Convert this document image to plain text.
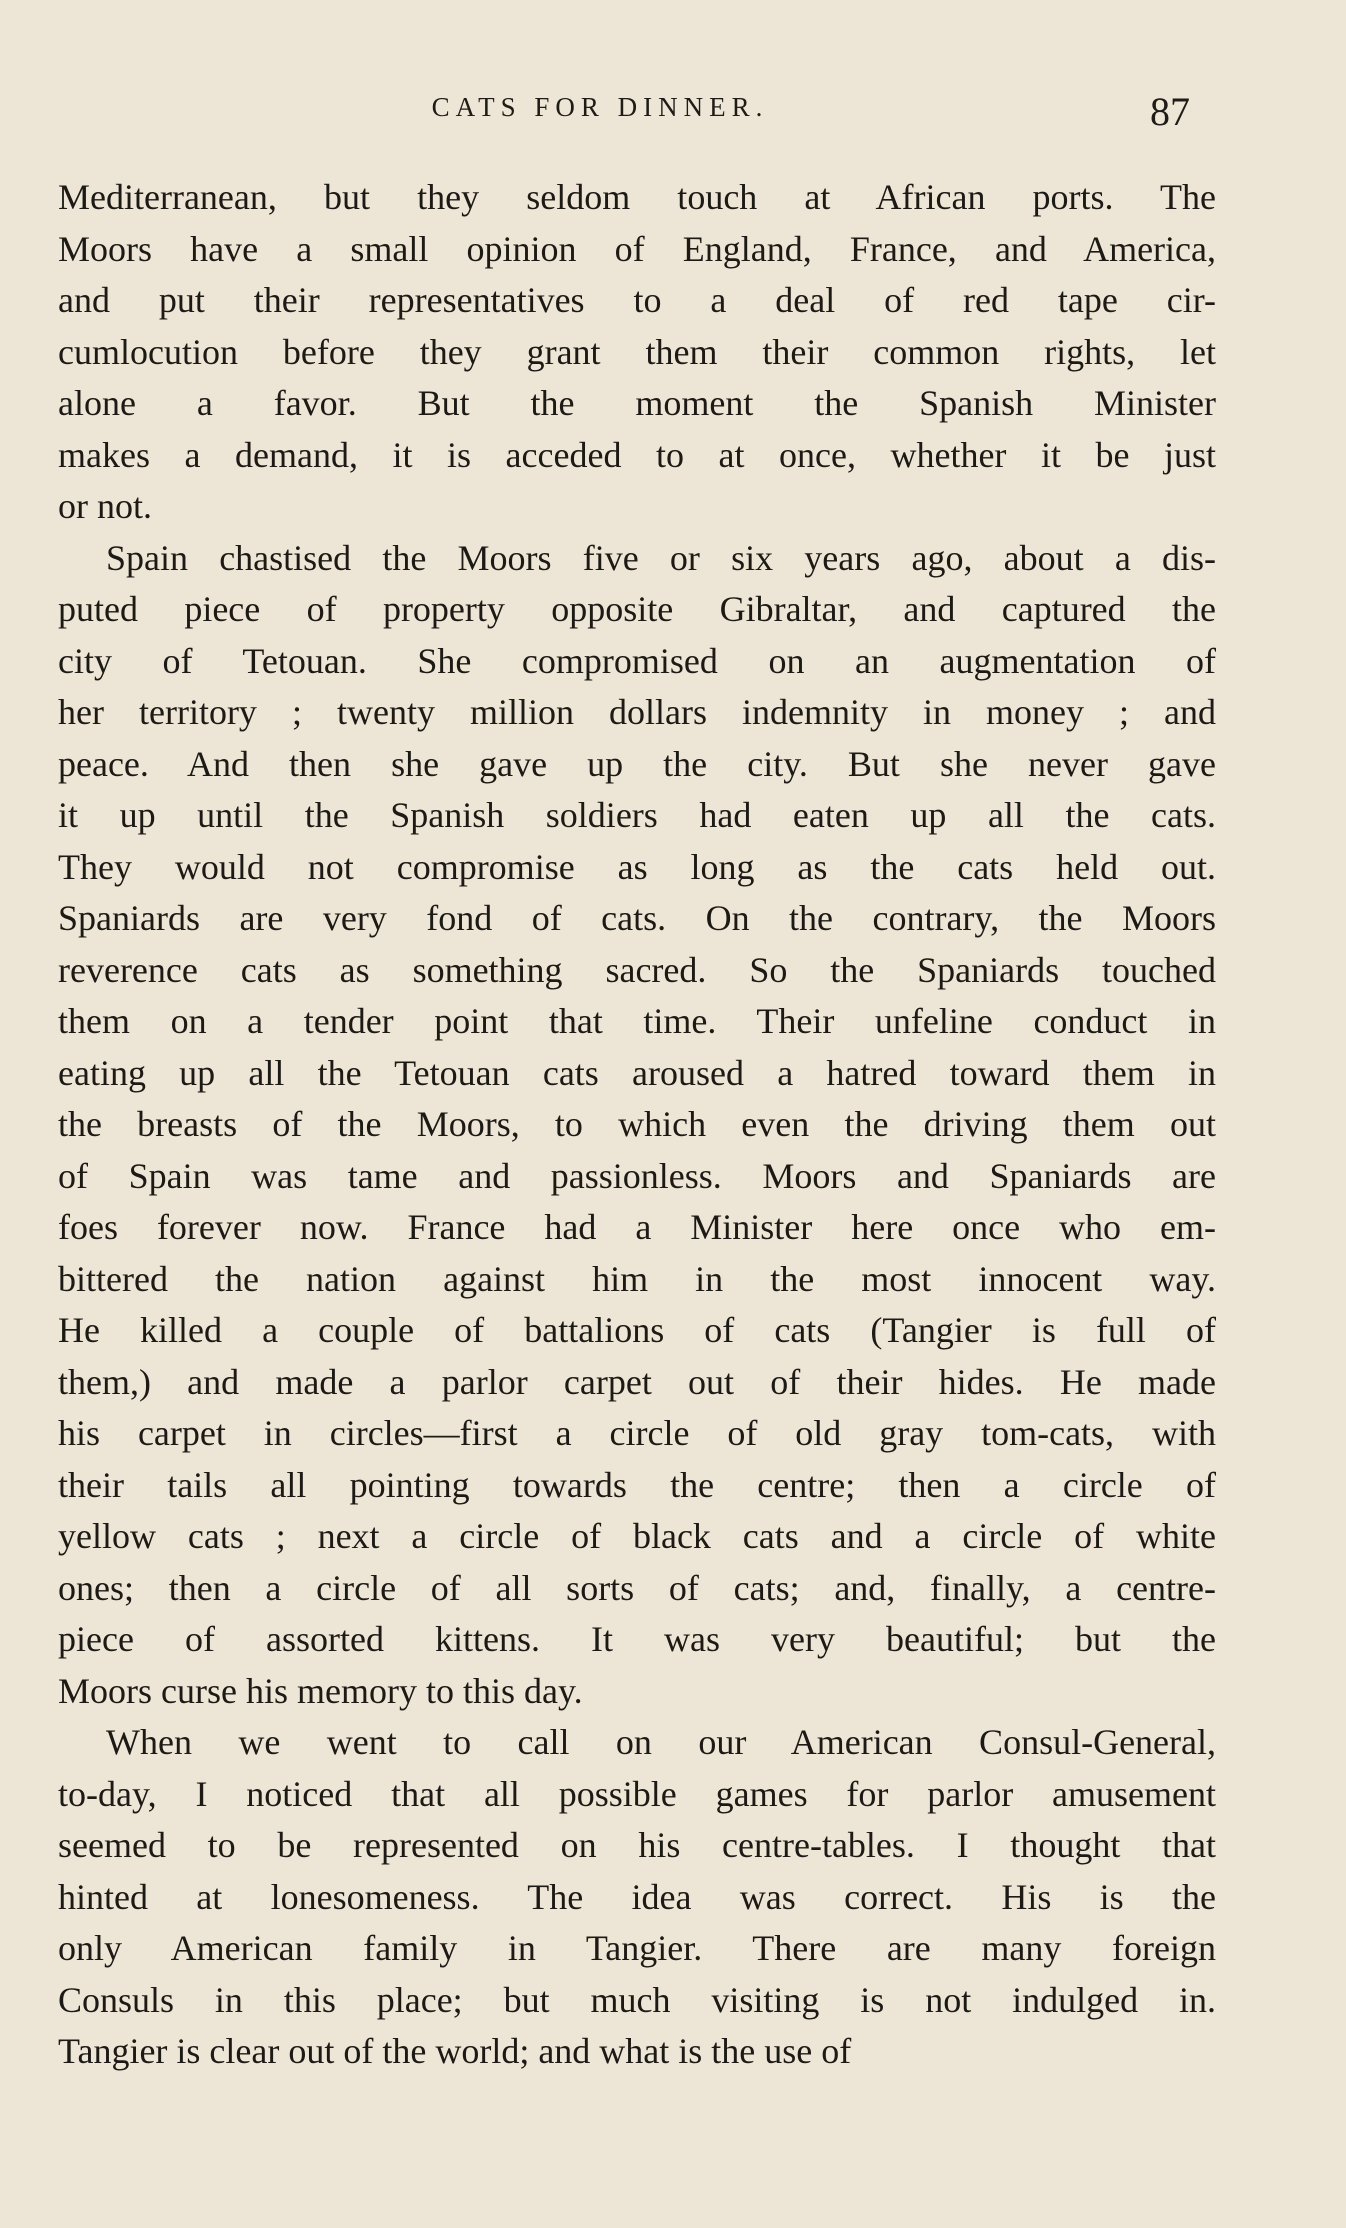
CATS FOR DINNER.	87
Mediterranean, but they seldom touch at African ports. The
Moors have a small opinion of England, France, and America,
and put their representatives to a deal of red tape cir-
cumlocution before they grant them their common rights, let
alone a favor. But the moment the Spanish Minister
makes a demand, it is acceded to at once, whether it be just
or not.
Spain chastised the Moors five or six years ago, about a dis-
puted piece of property opposite Gibraltar, and captured the
city of Tetouan. She compromised on an augmentation of
her territory ; twenty million dollars indemnity in money ; and
peace. And then she gave up the city. But she never gave
it up until the Spanish soldiers had eaten up all the cats.
They would not compromise as long as the cats held out.
Spaniards are very fond of cats. On the contrary, the Moors
reverence cats as something sacred. So the Spaniards touched
them on a tender point that time. Their unfeline conduct in
eating up all the Tetouan cats aroused a hatred toward them in
the breasts of the Moors, to which even the driving them out
of Spain was tame and passionless. Moors and Spaniards are
foes forever now. France had a Minister here once who em-
bittered the nation against him in the most innocent way.
He killed a couple of battalions of cats (Tangier is full of
them,) and made a parlor carpet out of their hides. He made
his carpet in circles—first a circle of old gray tom-cats, with
their tails all pointing towards the centre; then a circle of
yellow cats ; next a circle of black cats and a circle of white
ones; then a circle of all sorts of cats; and, finally, a centre-
piece of assorted kittens. It was very beautiful; but the
Moors curse his memory to this day.
When we went to call on our American Consul-General,
to-day, I noticed that all possible games for parlor amusement
seemed to be represented on his centre-tables. I thought that
hinted at lonesomeness. The idea was correct. His is the
only American family in Tangier. There are many foreign
Consuls in this place; but much visiting is not indulged in.
Tangier is clear out of the world; and what is the use of
